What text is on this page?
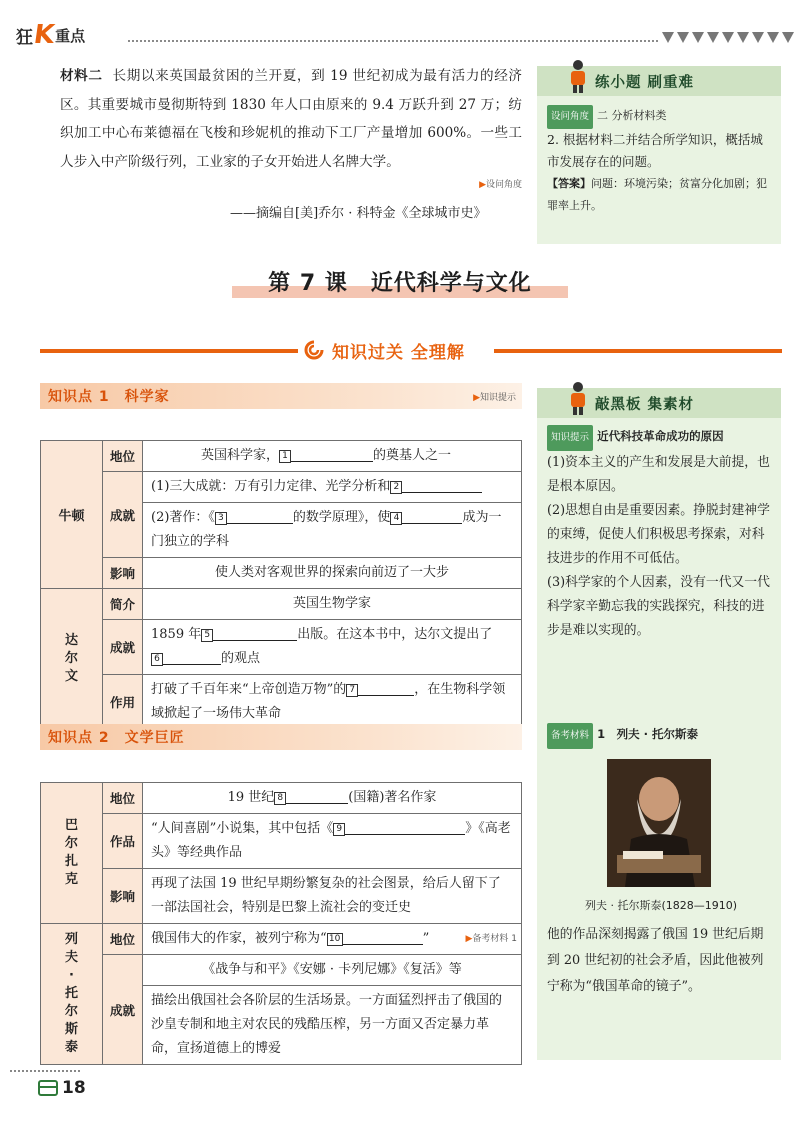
狂
K
重点
材料二 长期以来英国最贫困的兰开夏，到 19 世纪初成为最有活力的经济区。其重要城市曼彻斯特到 1830 年人口由原来的 9.4 万跃升到 27 万；纺织加工中心布莱德福在飞梭和珍妮机的推动下工厂产量增加 600%。一些工人步入中产阶级行列，工业家的子女开始进人名牌大学。
▶设问角度
——摘编自[美]乔尔 · 科特金《全球城市史》
练小题 刷重难
设问角度 二 分析材料类
2. 根据材料二并结合所学知识，概括城市发展存在的问题。
【答案】问题：环境污染；贫富分化加剧；犯罪率上升。
第 7 课　近代科学与文化
知识过关 全理解
知识点 1　科学家	▶知识提示
牛顿	地位	英国科学家， 1 的奠基人之一
	成就	(1)三大成就：万有引力定律、光学分析和 2
		(2)著作：《 3 的数学原理》，使 4 成为一门独立的学科
	影响	使人类对客观世界的探索向前迈了一大步
达尔文	简介	英国生物学家
	成就	1859 年 5 出版。在这本书中，达尔文提出了
6 的观点
	作用	打破了千百年来“上帝创造万物”的 7 ，在生物科学领域掀起了一场伟大革命
知识点 2　文学巨匠
巴尔扎克	地位	19 世纪 8 (国籍)著名作家
	作品	“人间喜剧”小说集，其中包括《 9 》《高老头》等经典作品
	影响	再现了法国 19 世纪早期纷繁复杂的社会图景，给后人留下了一部法国社会，特别是巴黎上流社会的变迁史
列夫·托尔斯泰	地位	俄国伟大的作家，被列宁称为“ 10 ” ▶备考材料 1

	成就	《战争与和平》《安娜 · 卡列尼娜》《复活》等
		描绘出俄国社会各阶层的生活场景。一方面猛烈抨击了俄国的沙皇专制和地主对农民的残酷压榨，另一方面又否定暴力革命，宣扬道德上的博爱
敲黑板 集素材
知识提示 近代科技革命成功的原因
(1)资本主义的产生和发展是大前提，也是根本原因。
(2)思想自由是重要因素。挣脱封建神学的束缚，促使人们积极思考探索，对科技进步的作用不可低估。
(3)科学家的个人因素，没有一代又一代科学家辛勤忘我的实践探究，科技的进步是难以实现的。
备考材料 1　列夫 · 托尔斯泰
列夫 · 托尔斯泰(1828—1910)
他的作品深刻揭露了俄国 19 世纪后期到 20 世纪初的社会矛盾，因此他被列宁称为“俄国革命的镜子”。
18
